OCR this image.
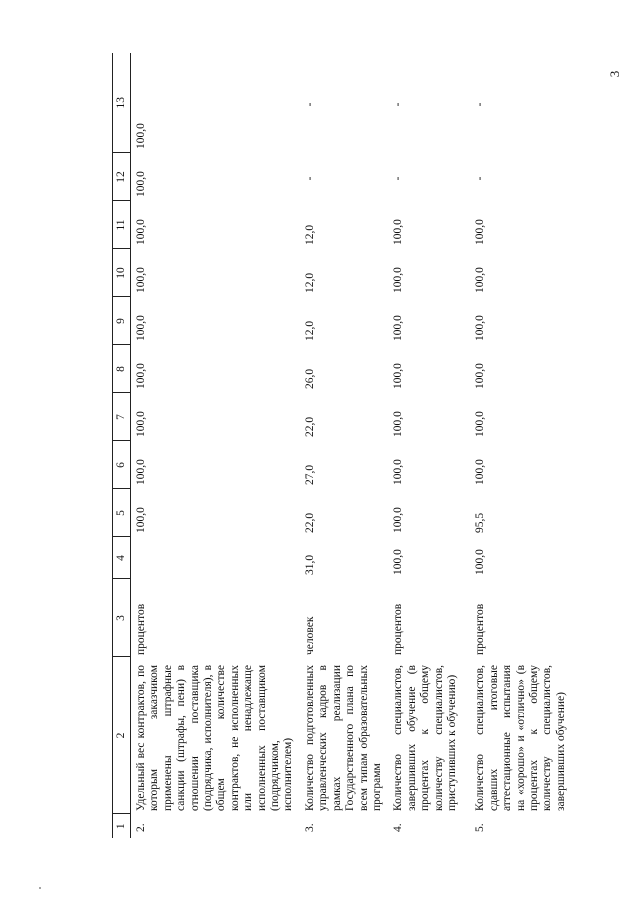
3
1	2	3	4	5	6	7	8	9	10	11	12	13
2.	Удельный вес контрактов, по которым заказчиком применены штрафные санкции (штрафы, пени) в отношении поставщика (подрядчика, исполнителя), в общем количестве контрактов, не исполненных или ненадлежаще исполненных поставщиком (подрядчиком, исполнителем)	процентов		100,0	100,0	100,0	100,0	100,0	100,0	100,0	100,0	100,0
3.	Количество подготовленных управленческих кадров в рамках реализации Государственного плана по всем типам образовательных программ	человек	31,0	22,0	27,0	22,0	26,0	12,0	12,0	12,0	-	-
4.	Количество специалистов, завершивших обучение (в процентах к общему количеству специалистов, приступивших к обучению)	процентов	100,0	100,0	100,0	100,0	100,0	100,0	100,0	100,0	-	-
5.	Количество специалистов, сдавших итоговые аттестационные испытания на «хорошо» и «отлично» (в процентах к общему количеству специалистов, завершивших обучение)	процентов	100,0	95,5	100,0	100,0	100,0	100,0	100,0	100,0	-	-
